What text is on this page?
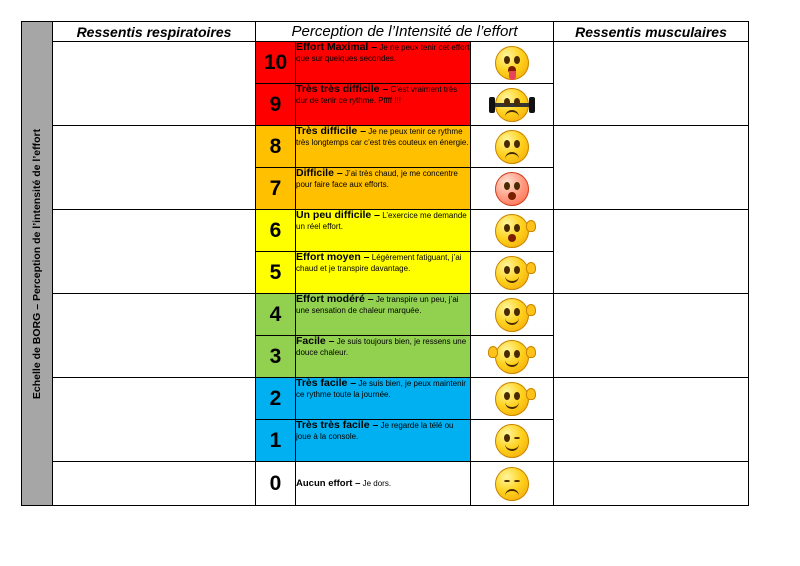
Echelle de BORG – Perception de l’intensité de l’effort	Ressentis respiratoires	Perception de l’Intensité de l’effort			Ressentis musculaires
		10	Effort Maximal – Je ne peux tenir cet effort que sur quelques secondes.	

		9	Très très difficile – C’est vraiment très dur de tenir ce rythme. Pffff !!!		

		8	Très difficile – Je ne peux tenir ce rythme très longtemps car c’est très couteux en énergie.	

		7	Difficile – J’ai très chaud, je me concentre pour faire face aux efforts.		

		6	Un peu difficile – L’exercice me demande un réel effort.	

		5	Effort moyen – Légèrement fatiguant, j’ai chaud et je transpire davantage.		

		4	Effort modéré – Je transpire un peu, j’ai une sensation de chaleur marquée.	

		3	Facile – Je suis toujours bien, je ressens une douce chaleur.		

		2	Très facile – Je suis bien, je peux maintenir ce rythme toute la journée.	

		1	Très très facile – Je regarde la télé ou joue à la console.		

		0	Aucun effort – Je dors.	
